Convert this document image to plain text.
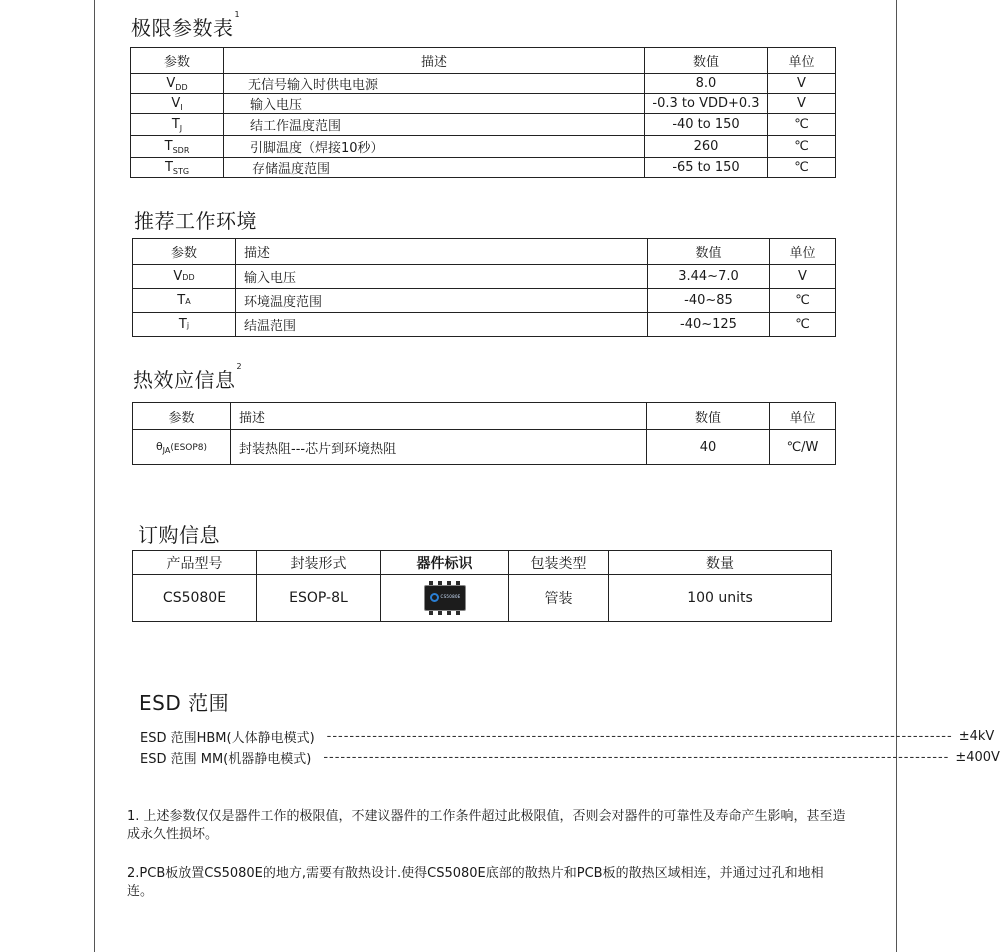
极限参数表$^1$
参数	描述	数值	单位
$V_{DD}$	无信号输入时供电电源	8.0	V
$V_I$	输入电压	-0.3 to VDD+0.3	V
$T_J$	结工作温度范围	-40 to 150	℃
$T_{SDR}$	引脚温度（焊接10秒）	260	℃
$T_{STG}$	存储温度范围	-65 to 150	℃
推荐工作环境
参数	描述	数值	单位
VDD	输入电压	3.44~7.0	V
TA	环境温度范围	-40~85	℃
Tj	结温范围	-40~125	℃
热效应信息$^2$
参数	描述	数值	单位
$\theta_{JA}(ESOP8)$	封装热阻---芯片到环境热阻	40	℃/W
订购信息
产品型号	封装形式	器件标识	包装类型	数量
CS5080E	ESOP-8L	CS5080E	管装	100 units
ESD 范围
ESD 范围HBM(人体静电模式) -------------------------------------------------------------------------------------------------------------- ±4kV
ESD 范围 MM(机器静电模式) -------------------------------------------------------------------------------------------------------------- ±400V

1. 上述参数仅仅是器件工作的极限值，不建议器件的工作条件超过此极限值，否则会对器件的可靠性及寿命产生影响，甚至造成永久性损坏。

2.PCB板放置CS5080E的地方,需要有散热设计.使得CS5080E底部的散热片和PCB板的散热区域相连，并通过过孔和地相连。
